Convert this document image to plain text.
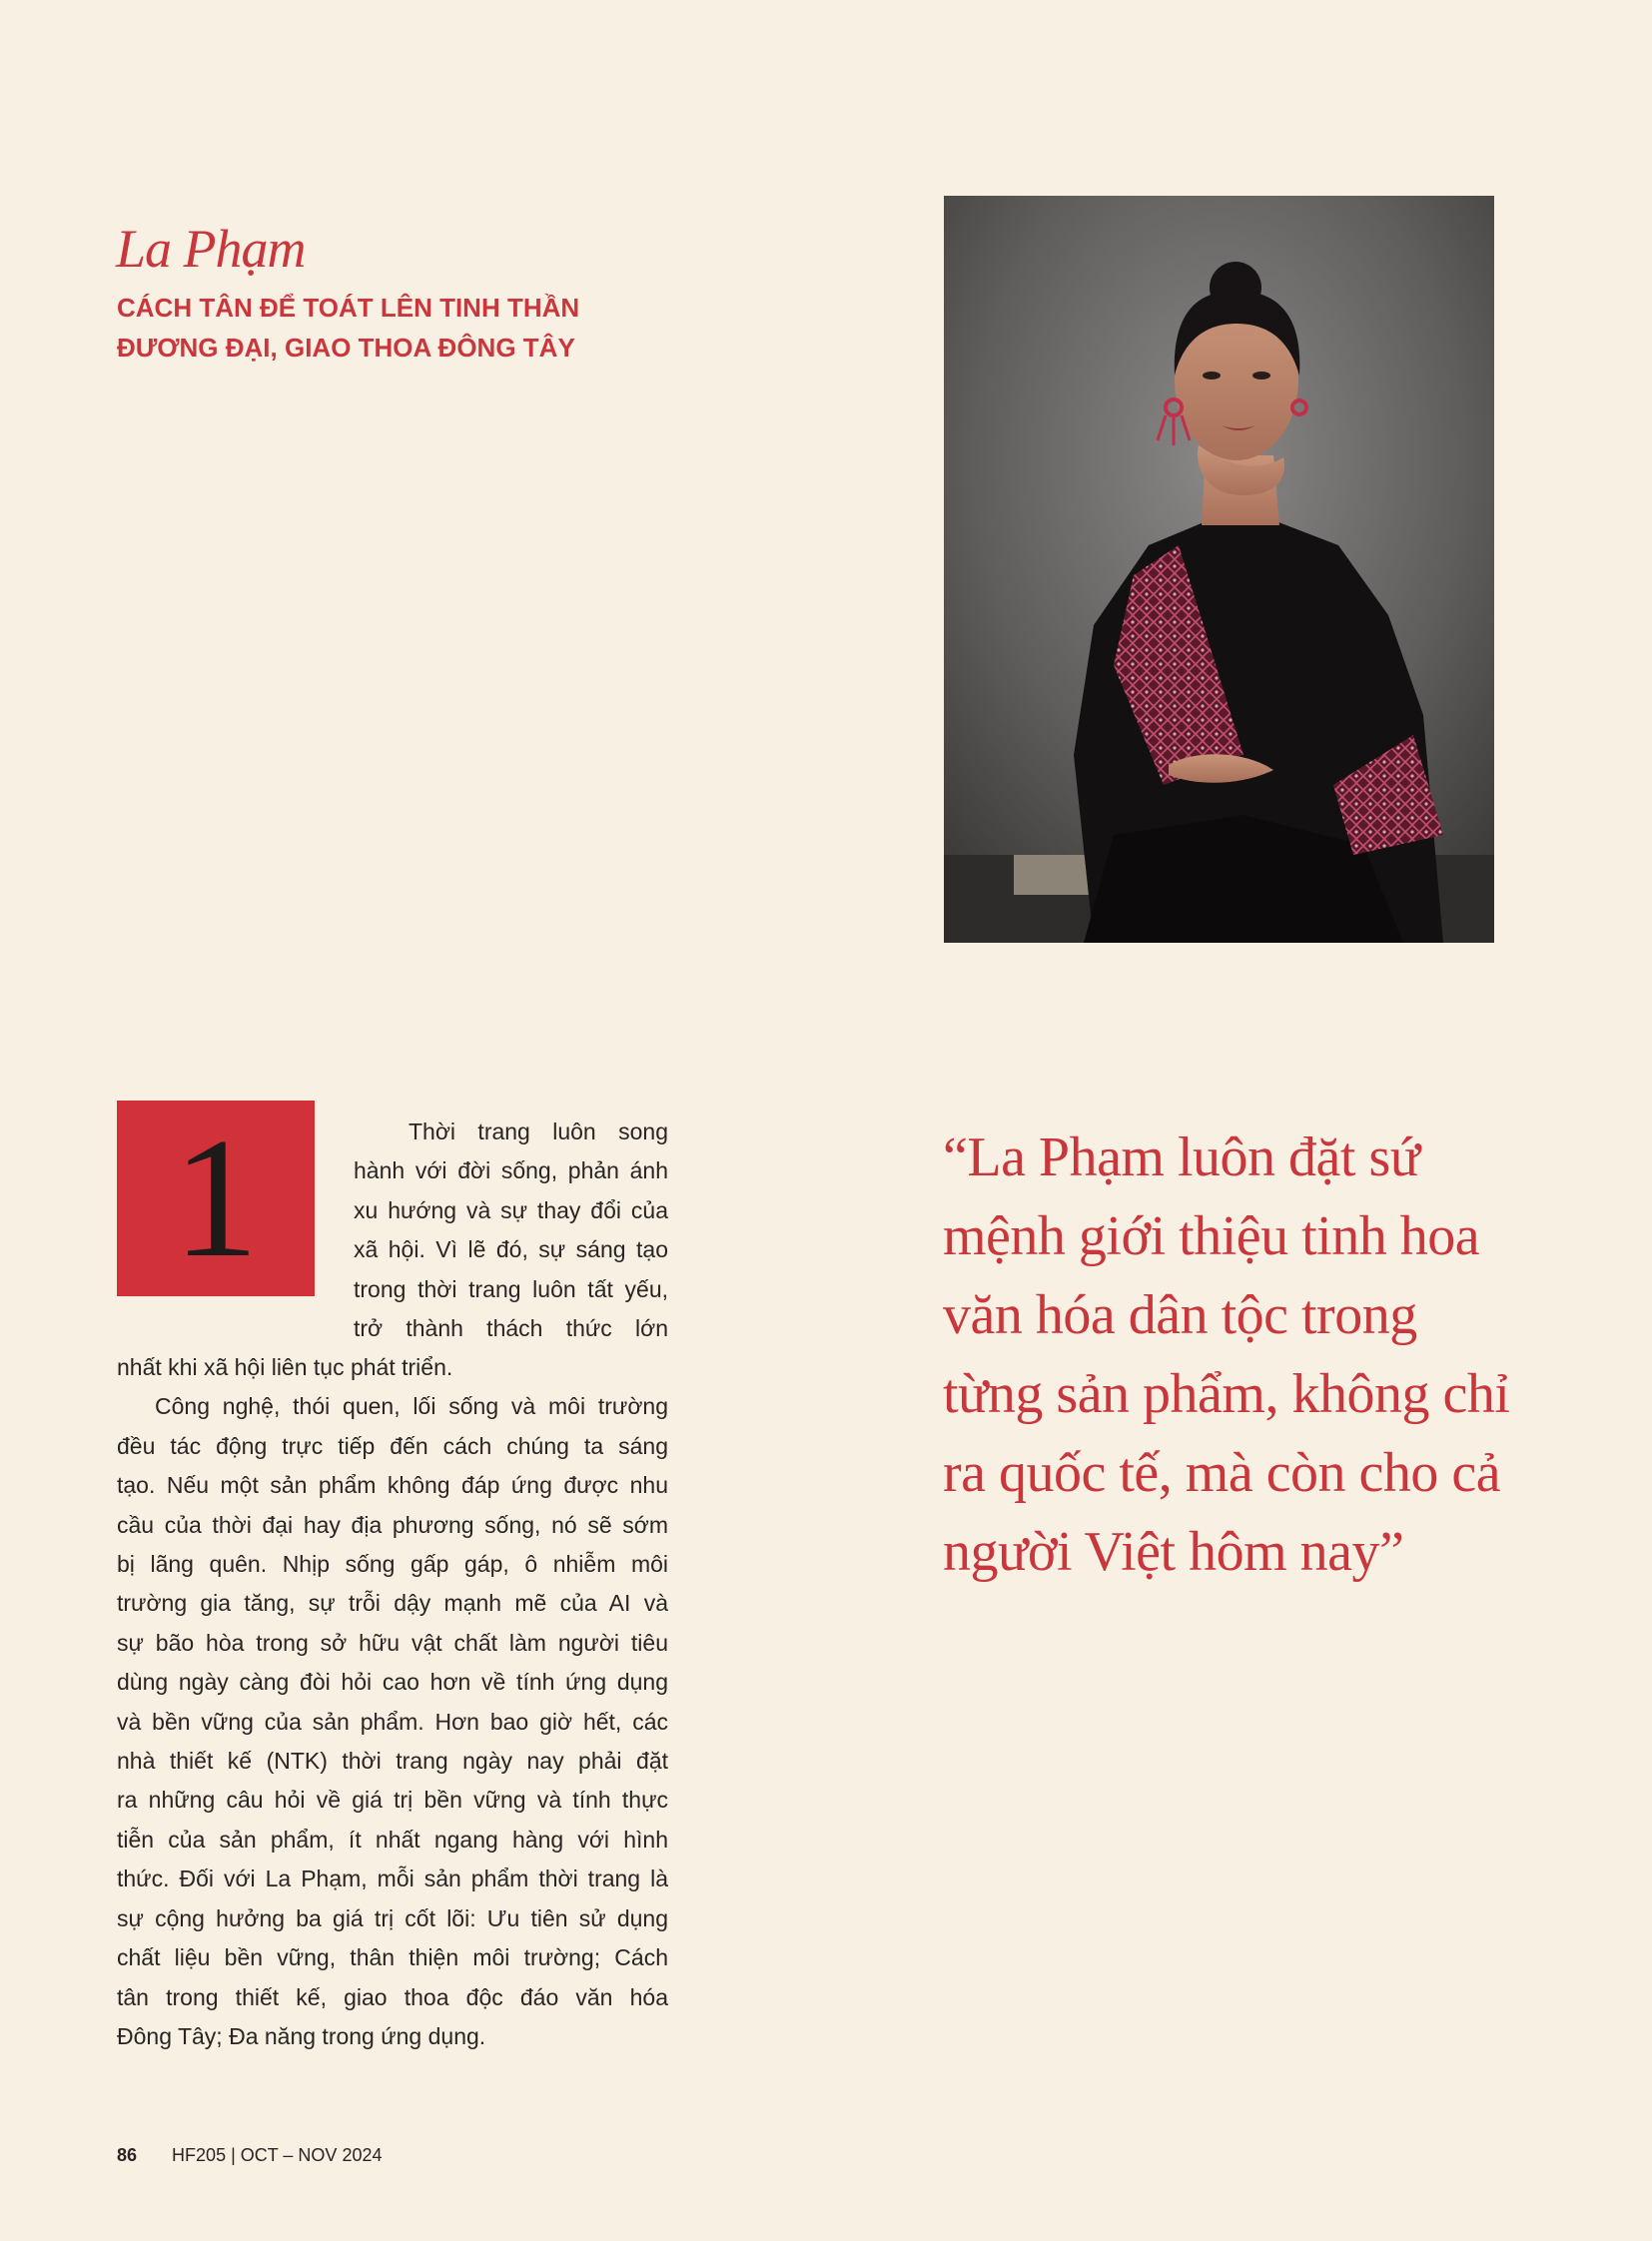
La Phạm
CÁCH TÂN ĐỂ TOÁT LÊN TINH THẦN
ĐƯƠNG ĐẠI, GIAO THOA ĐÔNG TÂY
1	Thời trang luôn song
hành với đời sống, phản ánh
xu hướng và sự thay đổi của
xã hội. Vì lẽ đó, sự sáng tạo
trong thời trang luôn tất yếu,
trở thành thách thức lớn
nhất khi xã hội liên tục phát triển.
Công nghệ, thói quen, lối sống và môi trường
đều tác động trực tiếp đến cách chúng ta sáng
tạo. Nếu một sản phẩm không đáp ứng được nhu
cầu của thời đại hay địa phương sống, nó sẽ sớm
bị lãng quên. Nhịp sống gấp gáp, ô nhiễm môi
trường gia tăng, sự trỗi dậy mạnh mẽ của AI và
sự bão hòa trong sở hữu vật chất làm người tiêu
dùng ngày càng đòi hỏi cao hơn về tính ứng dụng
và bền vững của sản phẩm. Hơn bao giờ hết, các
nhà thiết kế (NTK) thời trang ngày nay phải đặt
ra những câu hỏi về giá trị bền vững và tính thực
tiễn của sản phẩm, ít nhất ngang hàng với hình
thức. Đối với La Phạm, mỗi sản phẩm thời trang là
sự cộng hưởng ba giá trị cốt lõi: Ưu tiên sử dụng
chất liệu bền vững, thân thiện môi trường; Cách
tân trong thiết kế, giao thoa độc đáo văn hóa
Đông Tây; Đa năng trong ứng dụng.
“La Phạm luôn đặt sứ
mệnh giới thiệu tinh hoa
văn hóa dân tộc trong
từng sản phẩm, không chỉ
ra quốc tế, mà còn cho cả
người Việt hôm nay”
86 HF205 | OCT – NOV 2024
